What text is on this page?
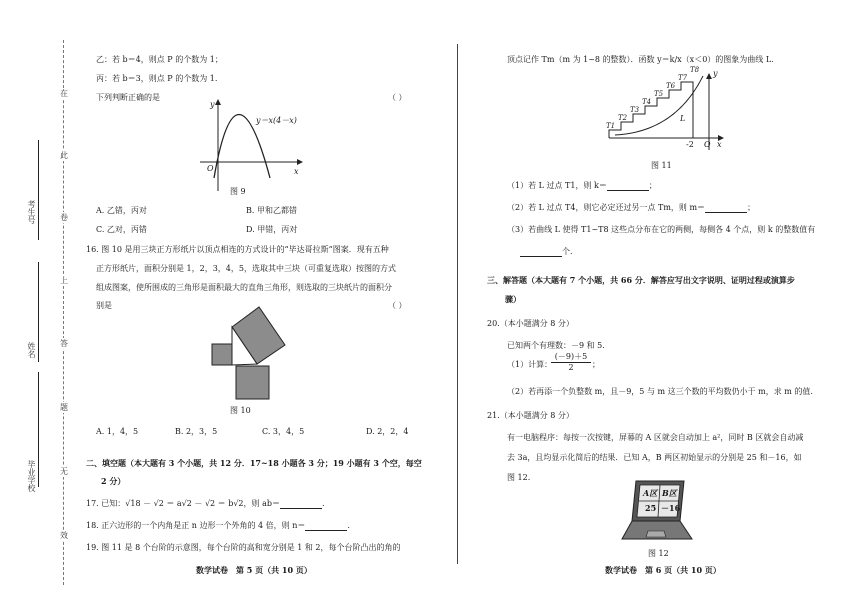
在
此
卷
上
答
题
无
效
考生号
姓名
毕业学校
乙：若 b＝4，则点 P 的个数为 1；
丙：若 b＝3，则点 P 的个数为 1.
下列判断正确的是	（ ）
y
y＝x(4－x)
O	x
图 9
A. 乙错，丙对	B. 甲和乙都错
C. 乙对，丙错	D. 甲错，丙对
16. 图 10 是用三块正方形纸片以顶点相连的方式设计的“毕达哥拉斯”图案．现有五种
正方形纸片，面积分别是 1，2，3，4，5，选取其中三块（可重复选取）按图的方式
组成图案，使所围成的三角形是面积最大的直角三角形，则选取的三块纸片的面积分
别是	（ ）
图 10
A. 1，4，5	B. 2，3，5	C. 3，4，5	D. 2，2，4
二、填空题（本大题有 3 个小题，共 12 分．17~18 小题各 3 分；19 小题有 3 个空，每空
2 分）
17. 已知：√18 － √2 ＝ a√2 － √2 ＝ b√2，则 ab＝	.
18. 正六边形的一个内角是正 n 边形一个外角的 4 倍，则 n＝	.
19. 图 11 是 8 个台阶的示意图，每个台阶的高和宽分别是 1 和 2，每个台阶凸出的角的
数学试卷　第 5 页（共 10 页）
顶点记作 Tm（m 为 1~8 的整数）．函数 y＝k/x（x＜0）的图象为曲线 L．
y
T1
T2
T3
T4
T5
T6
T7
T8
L
-2 O x
图 11
（1）若 L 过点 T1，则 k＝	；
（2）若 L 过点 T4，则它必定还过另一点 Tm，则 m＝	；
（3）若曲线 L 使得 T1~T8 这些点分布在它的两侧，每侧各 4 个点，则 k 的整数值有
个.
三、解答题（本大题有 7 个小题，共 66 分．解答应写出文字说明、证明过程或演算步
骤）
20.（本小题满分 8 分）
已知两个有理数：－9 和 5．
（1）计算：
$\frac{(-9)+5}{2}$ ；
（2）若再添一个负整数 m，且－9，5 与 m 这三个数的平均数仍小于 m，求 m 的值.
21.（本小题满分 8 分）
有一电脑程序：每按一次按键，屏幕的 A 区就会自动加上 a²，同时 B 区就会自动减
去 3a，且均显示化简后的结果．已知 A，B 两区初始显示的分别是 25 和－16，如
图 12.
A区 B区
25 －16
图 12
数学试卷　第 6 页（共 10 页）
